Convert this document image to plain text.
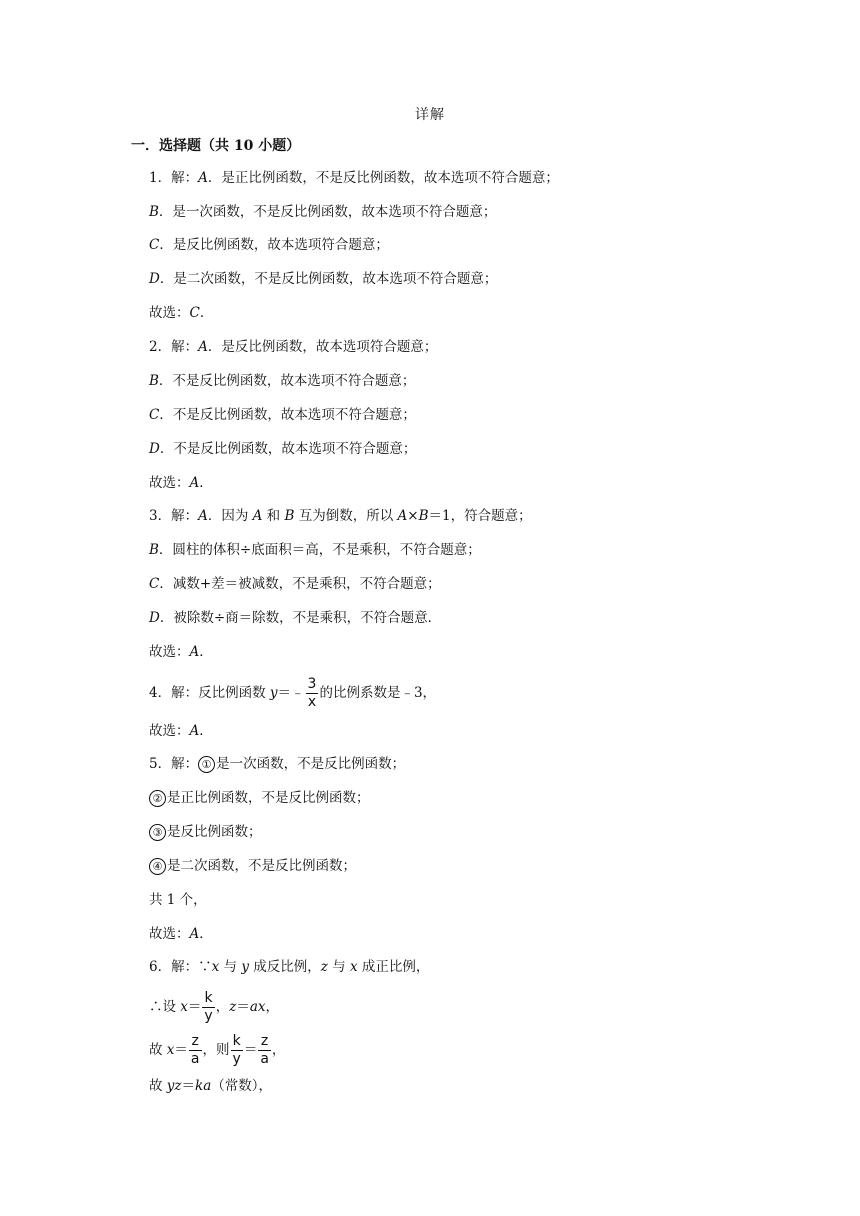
详解
一．选择题（共 10 小题）
1．解：A．是正比例函数，不是反比例函数，故本选项不符合题意；
B．是一次函数，不是反比例函数，故本选项不符合题意；
C．是反比例函数，故本选项符合题意；
D．是二次函数，不是反比例函数，故本选项不符合题意；
故选：C．
2．解：A．是反比例函数，故本选项符合题意；
B．不是反比例函数，故本选项不符合题意；
C．不是反比例函数，故本选项不符合题意；
D．不是反比例函数，故本选项不符合题意；
故选：A．
3．解：A．因为 A 和 B 互为倒数，所以 A×B＝1，符合题意；
B．圆柱的体积÷底面积＝高，不是乘积，不符合题意；
C．减数+差＝被减数，不是乘积，不符合题意；
D．被除数÷商＝除数，不是乘积，不符合题意．
故选：A．
4．解：反比例函数 y＝﹣ $\frac{3}{x}$ 的比例系数是﹣3，
故选：A．
5．解： ① 是一次函数，不是反比例函数；
② 是正比例函数，不是反比例函数；
③ 是反比例函数；
④ 是二次函数，不是反比例函数；
共 1 个，
故选：A．
6．解：∵x 与 y 成反比例，z 与 x 成正比例，
∴设 $x= \frac{k}{y}$ ，z＝ax，
故 $x= \frac{z}{a}$ ，则 $\frac{k}{y} = \frac{z}{a}$ ，
故 yz＝ka（常数），
